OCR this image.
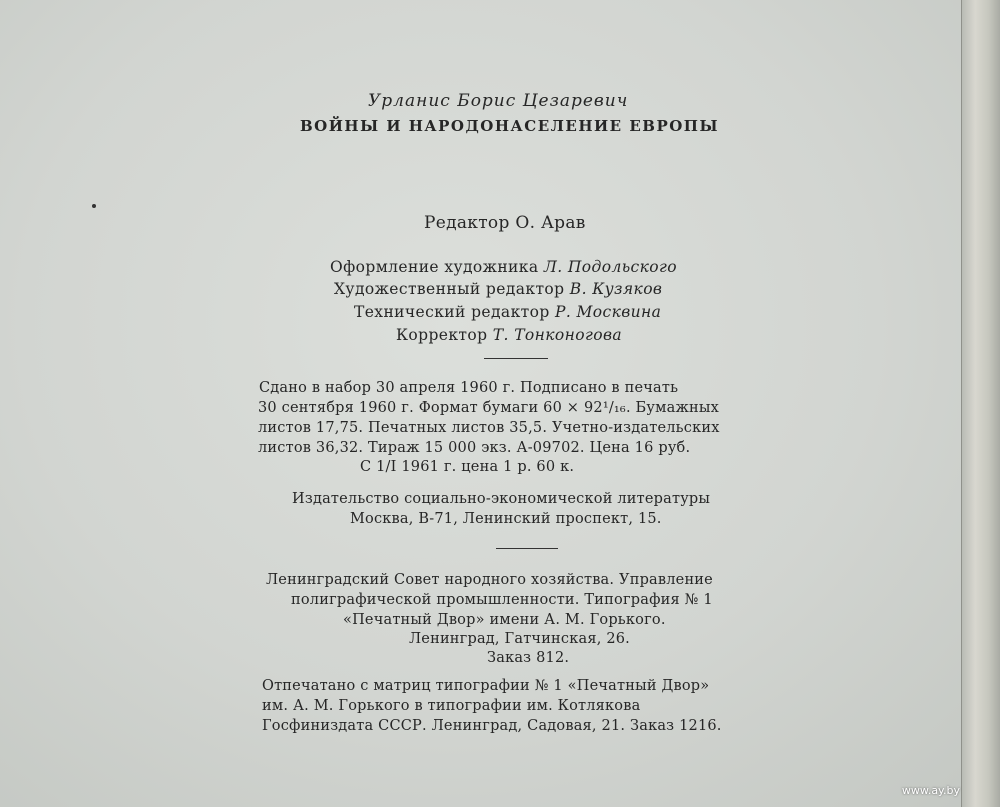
Урланис Борис Цезаревич
ВОЙНЫ И НАРОДОНАСЕЛЕНИЕ ЕВРОПЫ
Редактор О. Арав
Оформление художника Л. Подольского
Художественный редактор В. Кузяков
Технический редактор Р. Москвина
Корректор Т. Тонконогова
Сдано в набор 30 апреля 1960 г. Подписано в печать
30 сентября 1960 г. Формат бумаги 60 × 92¹/₁₆. Бумажных
листов 17,75. Печатных листов 35,5. Учетно-издательских
листов 36,32. Тираж 15 000 экз. А-09702. Цена 16 руб.
С 1/I 1961 г. цена 1 р. 60 к.
Издательство социально-экономической литературы
Москва, В-71, Ленинский проспект, 15.
Ленинградский Совет народного хозяйства. Управление
полиграфической промышленности. Типография № 1
«Печатный Двор» имени А. М. Горького.
Ленинград, Гатчинская, 26.
Заказ 812.
Отпечатано с матриц типографии № 1 «Печатный Двор»
им. А. М. Горького в типографии им. Котлякова
Госфиниздата СССР. Ленинград, Садовая, 21. Заказ 1216.
www.ay.by
